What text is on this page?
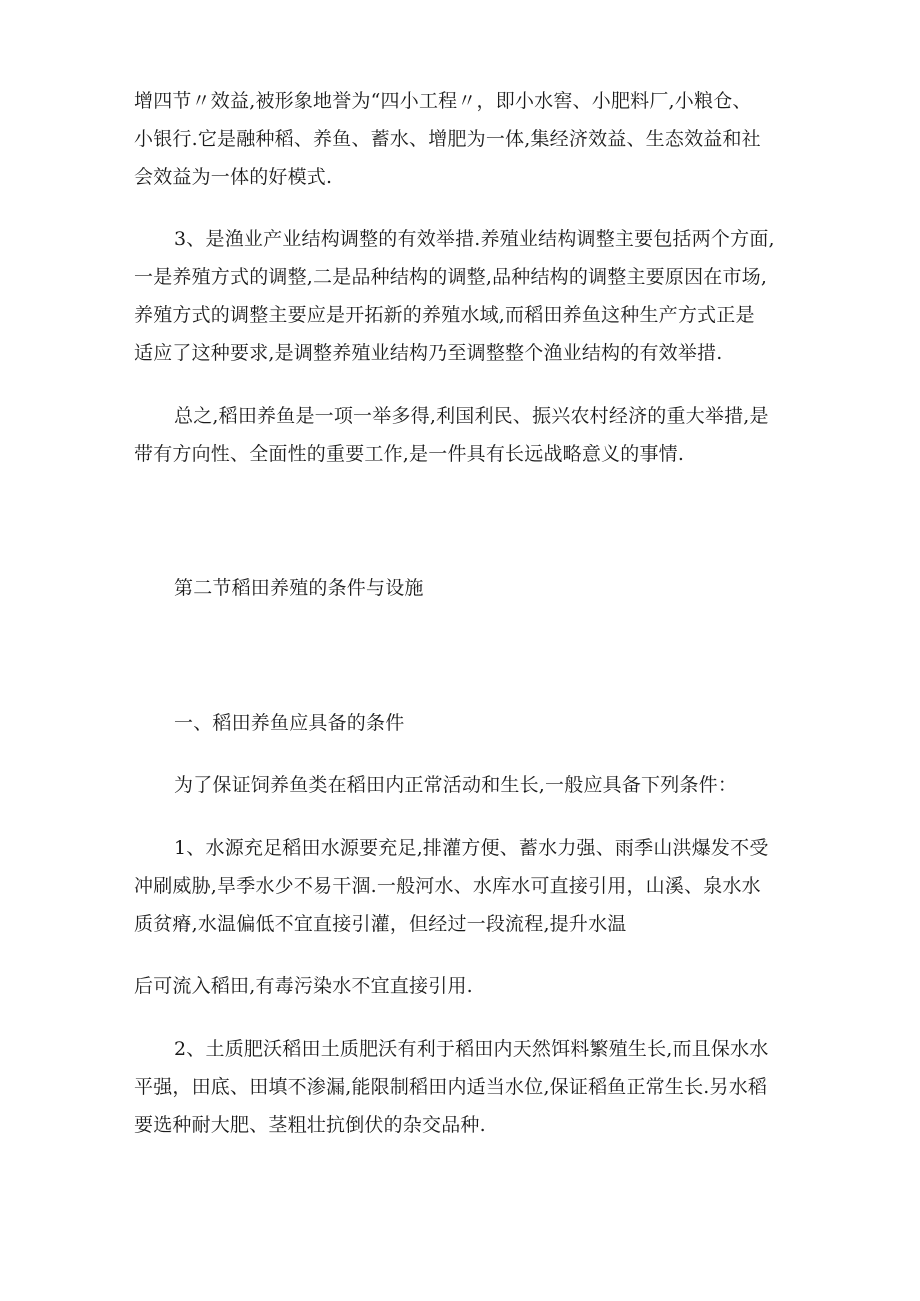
增四节〃效益,被形象地誉为“四小工程〃，即小水窖、小肥料厂,小粮仓、
小银行.它是融种稻、养鱼、蓄水、增肥为一体,集经济效益、生态效益和社
会效益为一体的好模式.
3、是渔业产业结构调整的有效举措.养殖业结构调整主要包括两个方面,
一是养殖方式的调整,二是品种结构的调整,品种结构的调整主要原因在市场,
养殖方式的调整主要应是开拓新的养殖水域,而稻田养鱼这种生产方式正是
适应了这种要求,是调整养殖业结构乃至调整整个渔业结构的有效举措.
总之,稻田养鱼是一项一举多得,利国利民、振兴农村经济的重大举措,是
带有方向性、全面性的重要工作,是一件具有长远战略意义的事情.
第二节稻田养殖的条件与设施
一、稻田养鱼应具备的条件
为了保证饲养鱼类在稻田内正常活动和生长,一般应具备下列条件：
1、水源充足稻田水源要充足,排灌方便、蓄水力强、雨季山洪爆发不受
冲刷威胁,旱季水少不易干涸.一般河水、水库水可直接引用，山溪、泉水水
质贫瘠,水温偏低不宜直接引灌，但经过一段流程,提升水温
后可流入稻田,有毒污染水不宜直接引用.
2、土质肥沃稻田土质肥沃有利于稻田内天然饵料繁殖生长,而且保水水
平强，田底、田填不渗漏,能限制稻田内适当水位,保证稻鱼正常生长.另水稻
要选种耐大肥、茎粗壮抗倒伏的杂交品种.
